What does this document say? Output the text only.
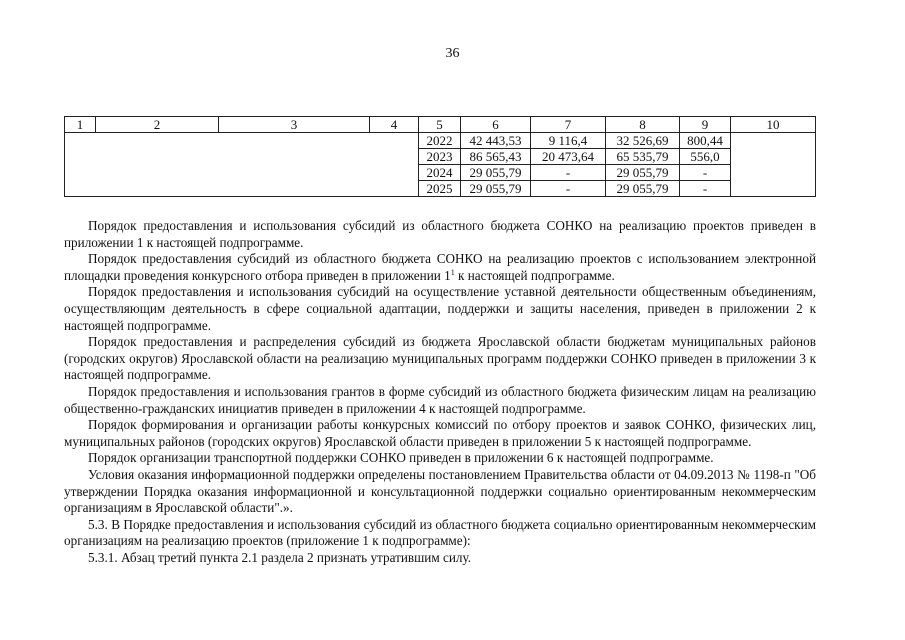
36
1	2	3	4	5	6	7	8	9	10
				2022	42 443,53	9 116,4	32 526,69	800,44	
				2023	86 565,43	20 473,64	65 535,79	556,0	
				2024	29 055,79	-	29 055,79	-	
				2025	29 055,79	-	29 055,79	-	

Порядок предоставления и использования субсидий из областного бюджета СОНКО на реализацию проектов приведен в приложении 1 к настоящей подпрограмме.

Порядок предоставления субсидий из областного бюджета СОНКО на реализацию проектов с использованием электронной площадки проведения конкурсного отбора приведен в приложении $1^1$ к настоящей подпрограмме.

Порядок предоставления и использования субсидий на осуществление уставной деятельности общественным объединениям, осуществляющим деятельность в сфере социальной адаптации, поддержки и защиты населения, приведен в приложении 2 к настоящей подпрограмме.

Порядок предоставления и распределения субсидий из бюджета Ярославской области бюджетам муниципальных районов (городских округов) Ярославской области на реализацию муниципальных программ поддержки СОНКО приведен в приложении 3 к настоящей подпрограмме.

Порядок предоставления и использования грантов в форме субсидий из областного бюджета физическим лицам на реализацию общественно-гражданских инициатив приведен в приложении 4 к настоящей подпрограмме.

Порядок формирования и организации работы конкурсных комиссий по отбору проектов и заявок СОНКО, физических лиц, муниципальных районов (городских округов) Ярославской области приведен в приложении 5 к настоящей подпрограмме.

Порядок организации транспортной поддержки СОНКО приведен в приложении 6 к настоящей подпрограмме.

Условия оказания информационной поддержки определены постановлением Правительства области от 04.09.2013 № 1198-п "Об утверждении Порядка оказания информационной и консультационной поддержки социально ориентированным некоммерческим организациям в Ярославской области".».

5.3. В Порядке предоставления и использования субсидий из областного бюджета социально ориентированным некоммерческим организациям на реализацию проектов (приложение 1 к подпрограмме):

5.3.1. Абзац третий пункта 2.1 раздела 2 признать утратившим силу.
